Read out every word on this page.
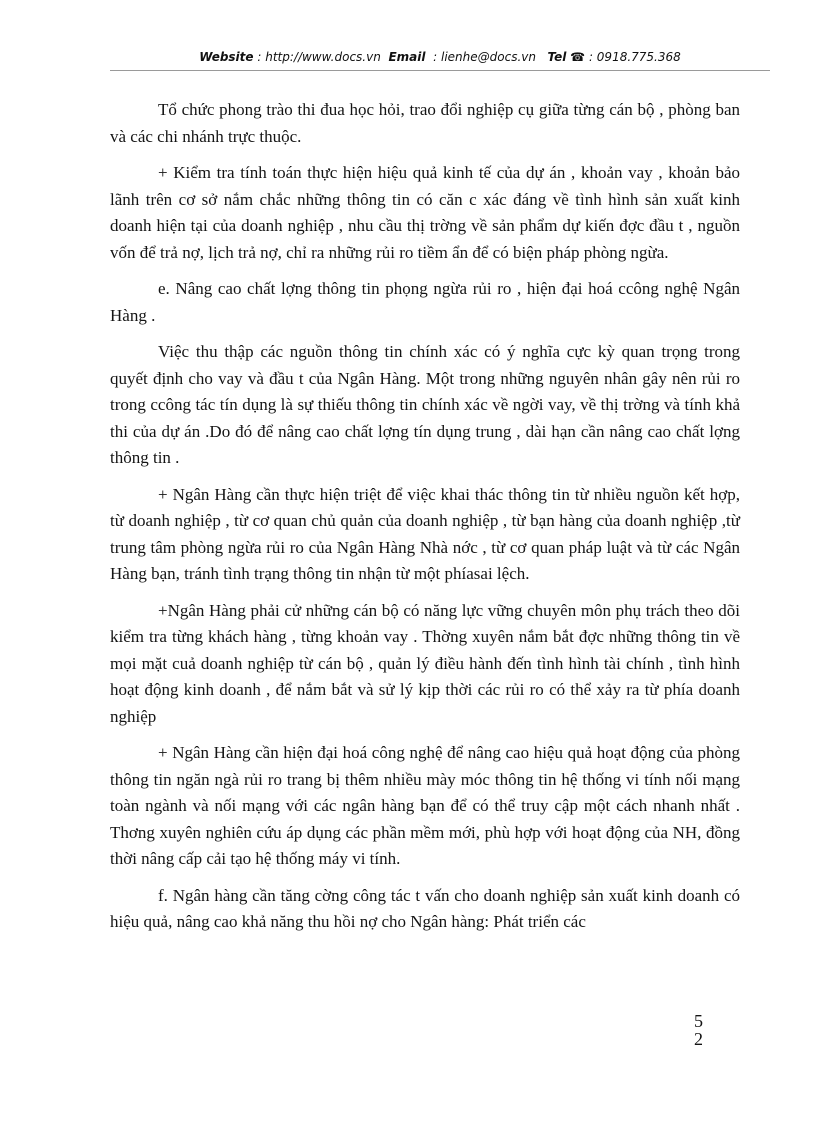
Website : http://www.docs.vn Email : lienhe@docs.vn Tel ☎ : 0918.775.368

Tổ chức phong trào thi đua học hỏi, trao đổi nghiệp cụ giữa từng cán bộ , phòng ban và các chi nhánh trực thuộc.

+ Kiểm tra tính toán thực hiện hiệu quả kinh tế của dự án , khoản vay , khoản bảo lãnh trên cơ sở nắm chắc những thông tin có căn c xác đáng về tình hình sản xuất kinh doanh hiện tại của doanh nghiệp , nhu cầu thị trờng về sản phẩm dự kiến đợc đầu t , nguồn vốn để trả nợ, lịch trả nợ, chỉ ra những rủi ro tiềm ẩn để có biện pháp phòng ngừa.

e. Nâng cao chất lợng thông tin phọng ngừa rủi ro , hiện đại hoá ccông nghệ Ngân Hàng .

Việc thu thập các nguồn thông tin chính xác có ý nghĩa cực kỳ quan trọng trong quyết định cho vay và đầu t của Ngân Hàng. Một trong những nguyên nhân gây nên rủi ro trong ccông tác tín dụng là sự thiếu thông tin chính xác về ngời vay, về thị trờng và tính khả thi của dự án .Do đó để nâng cao chất lợng tín dụng trung , dài hạn cần nâng cao chất lợng thông tin .

+ Ngân Hàng cần thực hiện triệt để việc khai thác thông tin từ nhiều nguồn kết hợp, từ doanh nghiệp , từ cơ quan chủ quản của doanh nghiệp , từ bạn hàng của doanh nghiệp ,từ trung tâm phòng ngừa rủi ro của Ngân Hàng Nhà nớc , từ cơ quan pháp luật và từ các Ngân Hàng bạn, tránh tình trạng thông tin nhận từ một phíasai lệch.

+Ngân Hàng phải cử những cán bộ có năng lực vững chuyên môn phụ trách theo dõi kiểm tra từng khách hàng , từng khoản vay . Thờng xuyên nắm bắt đợc những thông tin về mọi mặt cuả doanh nghiệp từ cán bộ , quản lý điều hành đến tình hình tài chính , tình hình hoạt động kinh doanh , để nắm bắt và sử lý kịp thời các rủi ro có thể xảy ra từ phía doanh nghiệp

+ Ngân Hàng cần hiện đại hoá công nghệ để nâng cao hiệu quả hoạt động của phòng thông tin ngăn ngà rủi ro trang bị thêm nhiều mày móc thông tin hệ thống vi tính nối mạng toàn ngành và nối mạng với các ngân hàng bạn để có thể truy cập một cách nhanh nhất . Thơng xuyên nghiên cứu áp dụng các phần mềm mới, phù hợp với hoạt động của NH, đồng thời nâng cấp cải tạo hệ thống máy vi tính.

f. Ngân hàng cần tăng cờng công tác t vấn cho doanh nghiệp sản xuất kinh doanh có hiệu quả, nâng cao khả năng thu hồi nợ cho Ngân hàng: Phát triển các

5
2
